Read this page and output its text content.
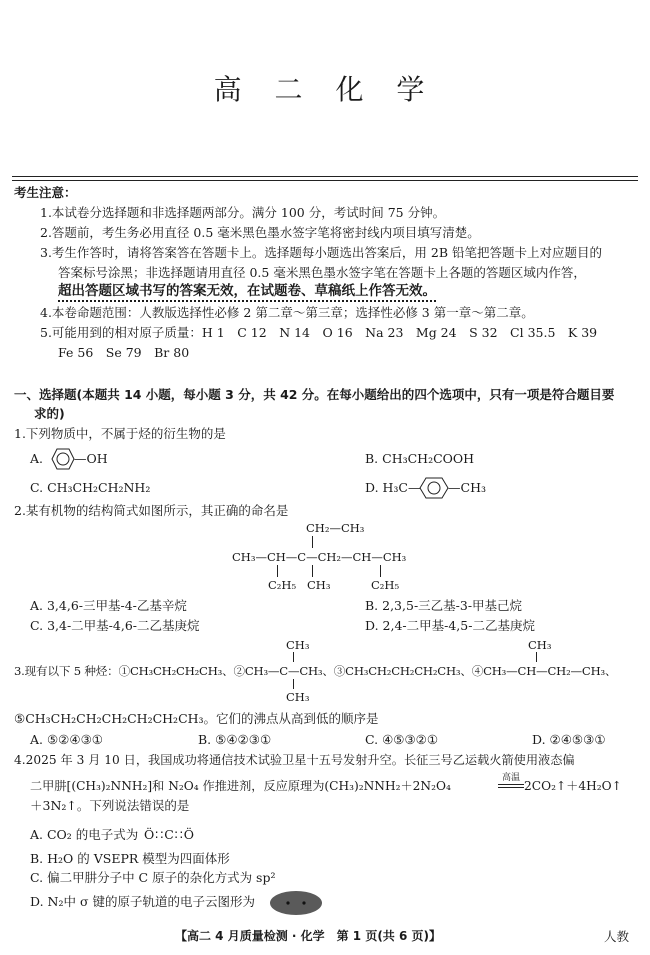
高 二 化 学
考生注意：
1.本试卷分选择题和非选择题两部分。满分 100 分，考试时间 75 分钟。
2.答题前，考生务必用直径 0.5 毫米黑色墨水签字笔将密封线内项目填写清楚。
3.考生作答时，请将答案答在答题卡上。选择题每小题选出答案后，用 2B 铅笔把答题卡上对应题目的
答案标号涂黑；非选择题请用直径 0.5 毫米黑色墨水签字笔在答题卡上各题的答题区域内作答，
超出答题区域书写的答案无效，在试题卷、草稿纸上作答无效。
4.本卷命题范围：人教版选择性必修 2 第二章～第三章；选择性必修 3 第一章～第二章。
5.可能用到的相对原子质量：H 1　C 12　N 14　O 16　Na 23　Mg 24　S 32　Cl 35.5　K 39
Fe 56　Se 79　Br 80
一、选择题(本题共 14 小题，每小题 3 分，共 42 分。在每小题给出的四个选项中，只有一项是符合题目要
求的)
1.下列物质中，不属于烃的衍生物的是
A. —OH	B. CH₃CH₂COOH
C. CH₃CH₂CH₂NH₂	D. H₃C— —CH₃
2.某有机物的结构简式如图所示，其正确的命名是
CH₂—CH₃
CH₃—CH—C—CH₂—CH—CH₃
C₂H₅ CH₃	C₂H₅
A. 3,4,6-三甲基-4-乙基辛烷	B. 2,3,5-三乙基-3-甲基己烷
C. 3,4-二甲基-4,6-二乙基庚烷	D. 2,4-二甲基-4,5-二乙基庚烷
CH₃	CH₃
3.现有以下 5 种烃：①CH₃CH₂CH₂CH₃、②CH₃—C—CH₃、③CH₃CH₂CH₂CH₂CH₃、④CH₃—CH—CH₂—CH₃、
CH₃
⑤CH₃CH₂CH₂CH₂CH₂CH₂CH₃。它们的沸点从高到低的顺序是
A. ⑤②④③①	B. ⑤④②③①	C. ④⑤③②①	D. ②④⑤③①
4.2025 年 3 月 10 日，我国成功将通信技术试验卫星十五号发射升空。长征三号乙运载火箭使用液态偏
二甲肼[(CH₃)₂NNH₂]和 N₂O₄ 作推进剂，反应原理为(CH₃)₂NNH₂＋2N₂O₄
高温
2CO₂↑＋4H₂O↑
＋3N₂↑。下列说法错误的是
A. CO₂ 的电子式为 Ö∷C∷Ö
B. H₂O 的 VSEPR 模型为四面体形
C. 偏二甲肼分子中 C 原子的杂化方式为 sp²
D. N₂中 σ 键的原子轨道的电子云图形为
【高二 4 月质量检测 · 化学　第 1 页(共 6 页)】	人教
